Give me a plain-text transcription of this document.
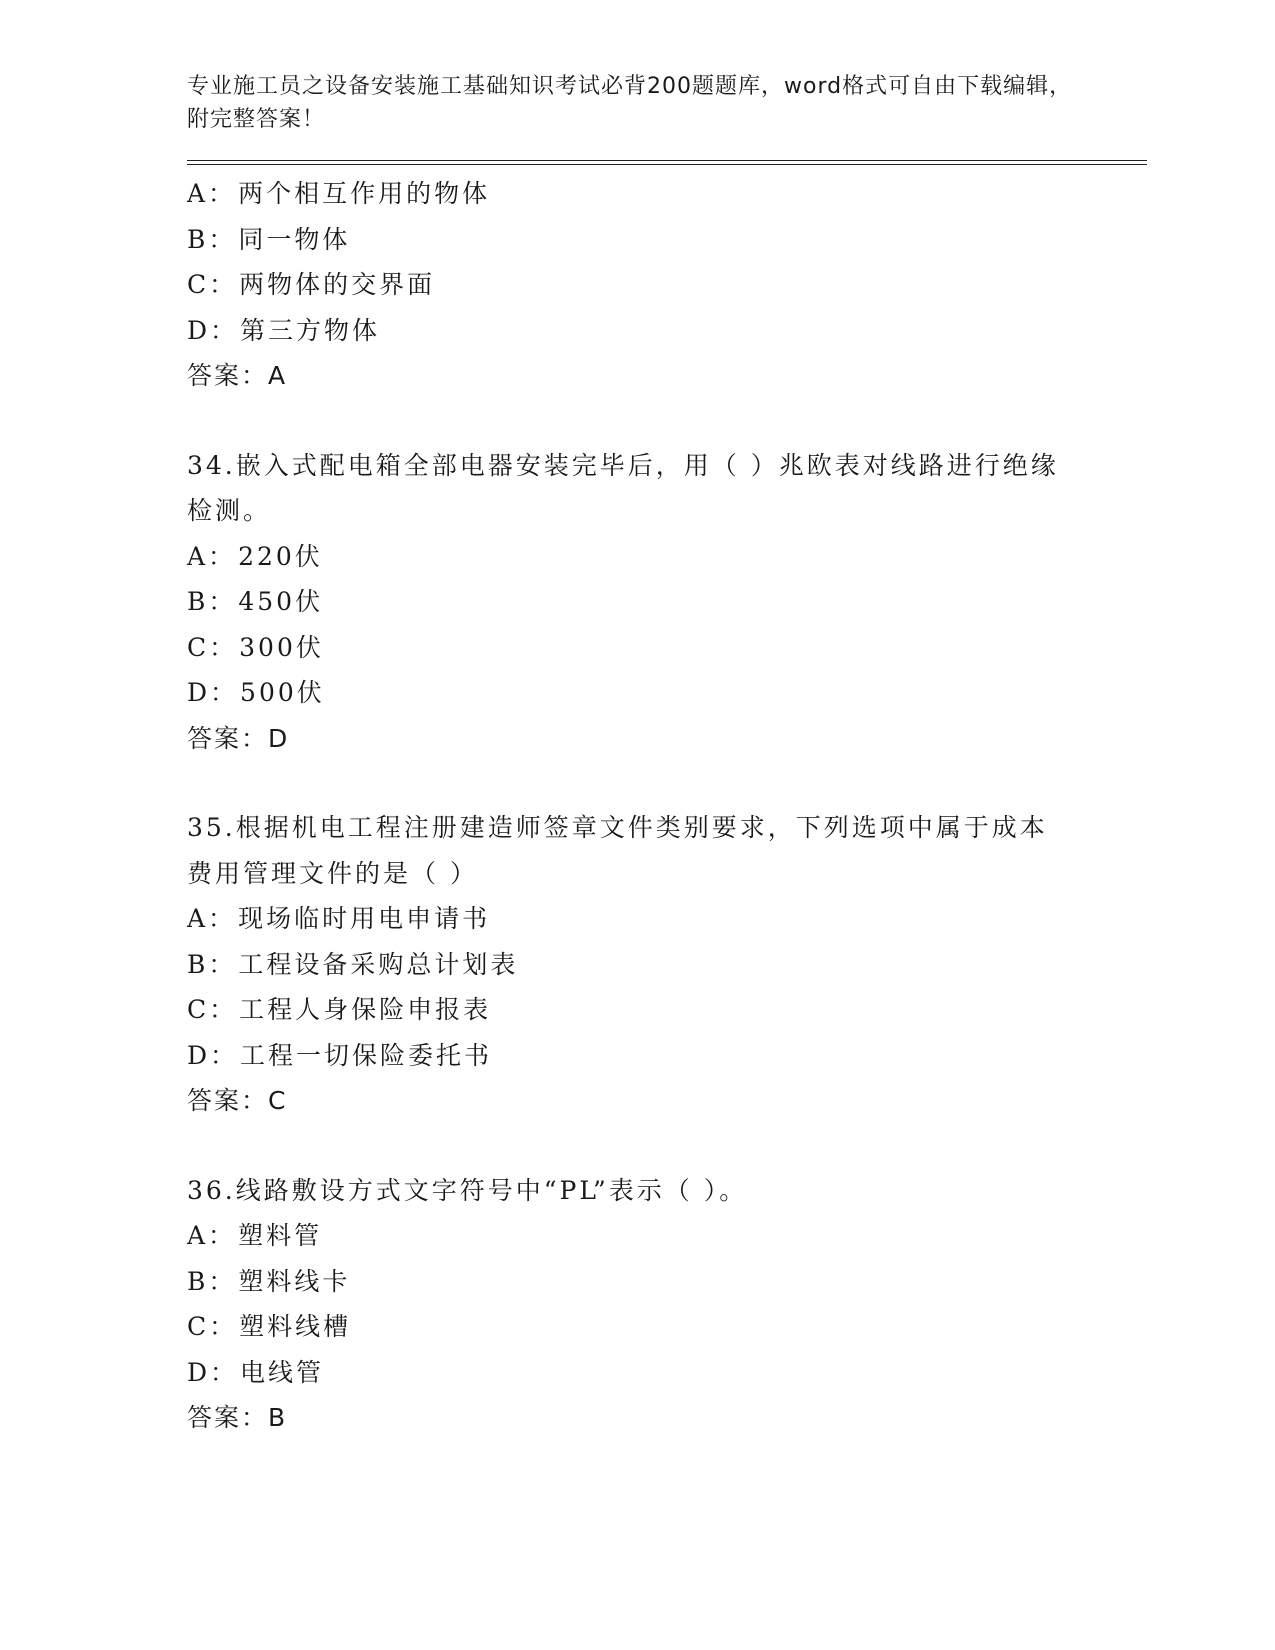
专业施工员之设备安装施工基础知识考试必背200题题库，word格式可自由下载编辑，附完整答案！

A：两个相互作用的物体

B：同一物体

C：两物体的交界面

D：第三方物体

答案：A

34.嵌入式配电箱全部电器安装完毕后，用（ ）兆欧表对线路进行绝缘检测。

A：220伏

B：450伏

C：300伏

D：500伏

答案：D

35.根据机电工程注册建造师签章文件类别要求，下列选项中属于成本费用管理文件的是（ ）

A：现场临时用电申请书

B：工程设备采购总计划表

C：工程人身保险申报表

D：工程一切保险委托书

答案：C

36.线路敷设方式文字符号中“PL”表示（ ）。

A：塑料管

B：塑料线卡

C：塑料线槽

D：电线管

答案：B
